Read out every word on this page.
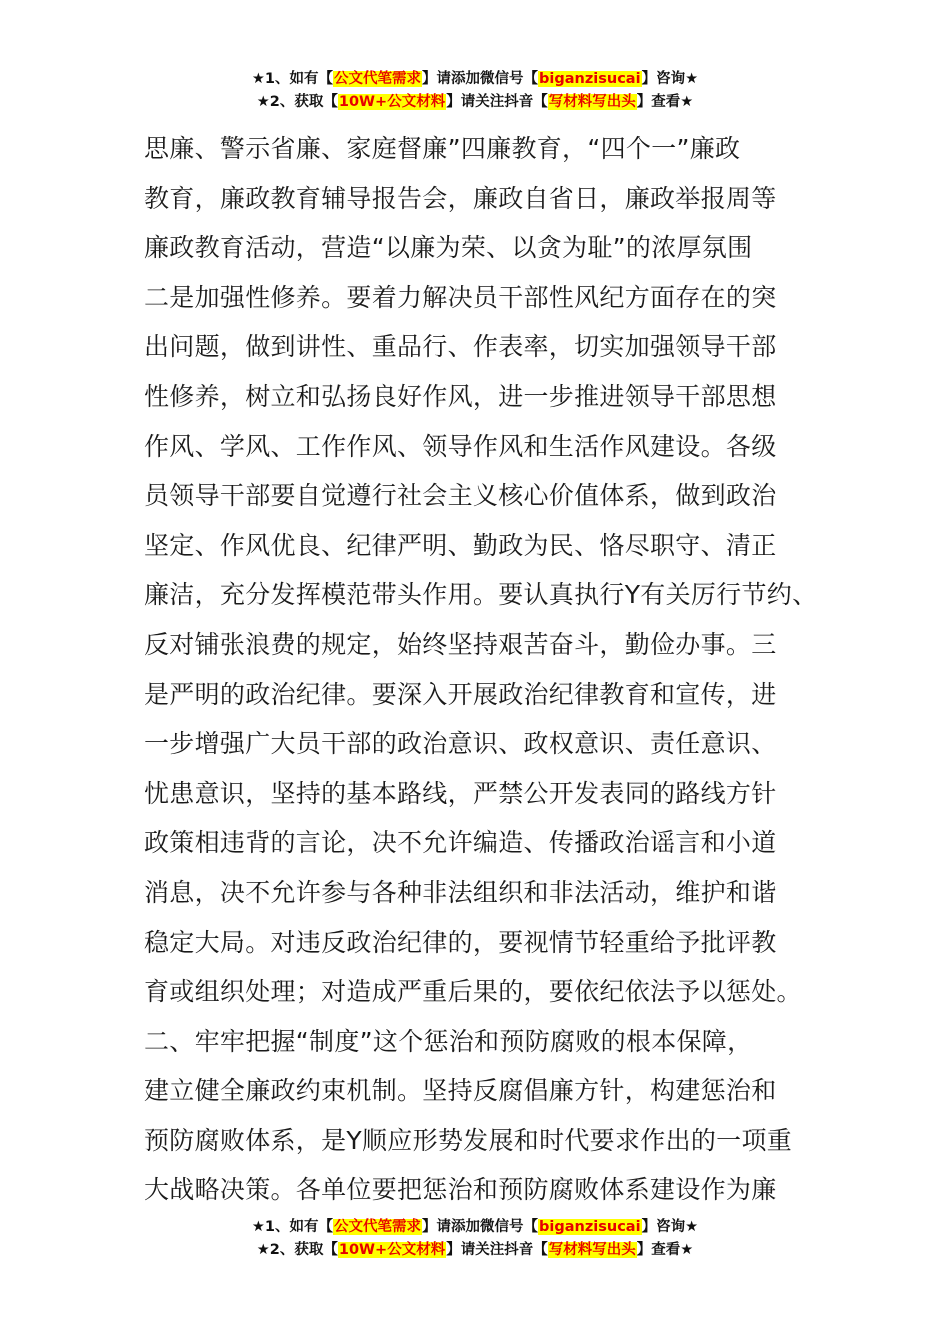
★1、如有【公文代笔需求】请添加微信号【biganzisucai】咨询★
★2、获取【10W+公文材料】请关注抖音【写材料写出头】查看★
思廉、警示省廉、家庭督廉”四廉教育，“四个一”廉政
教育，廉政教育辅导报告会，廉政自省日，廉政举报周等
廉政教育活动，营造“以廉为荣、以贪为耻”的浓厚氛围
二是加强性修养。要着力解决员干部性风纪方面存在的突
出问题，做到讲性、重品行、作表率，切实加强领导干部
性修养，树立和弘扬良好作风，进一步推进领导干部思想
作风、学风、工作作风、领导作风和生活作风建设。各级
员领导干部要自觉遵行社会主义核心价值体系，做到政治
坚定、作风优良、纪律严明、勤政为民、恪尽职守、清正
廉洁，充分发挥模范带头作用。要认真执行Y有关厉行节约、
反对铺张浪费的规定，始终坚持艰苦奋斗，勤俭办事。三
是严明的政治纪律。要深入开展政治纪律教育和宣传，进
一步增强广大员干部的政治意识、政权意识、责任意识、
忧患意识，坚持的基本路线，严禁公开发表同的路线方针
政策相违背的言论，决不允许编造、传播政治谣言和小道
消息，决不允许参与各种非法组织和非法活动，维护和谐
稳定大局。对违反政治纪律的，要视情节轻重给予批评教
育或组织处理；对造成严重后果的，要依纪依法予以惩处。
二、牢牢把握“制度”这个惩治和预防腐败的根本保障，
建立健全廉政约束机制。坚持反腐倡廉方针，构建惩治和
预防腐败体系，是Y顺应形势发展和时代要求作出的一项重
大战略决策。各单位要把惩治和预防腐败体系建设作为廉
★1、如有【公文代笔需求】请添加微信号【biganzisucai】咨询★
★2、获取【10W+公文材料】请关注抖音【写材料写出头】查看★
